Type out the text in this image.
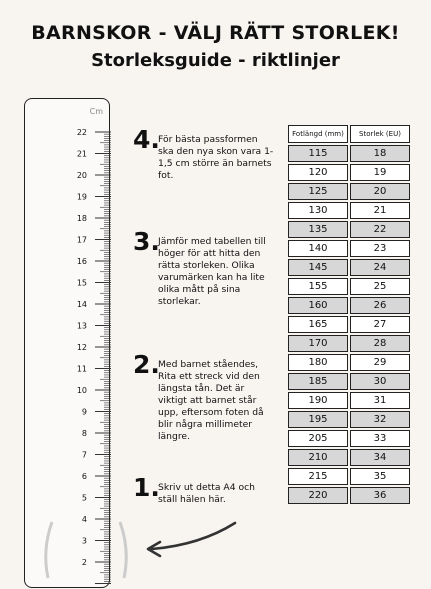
BARNSKOR - VÄLJ RÄTT STORLEK!
Storleksguide - riktlinjer
Cm
22
21
20
19
18
17
16
15
14
13
12
11
10
9
8
7
6
5
4
3
2
4.
För bästa passformen ska den nya skon vara 1-1,5 cm större än barnets fot.
3.
Jämför med tabellen till höger för att hitta den rätta storleken. Olika varumärken kan ha lite olika mått på sina storlekar.
2.
Med barnet ståendes, Rita ett streck vid den längsta tån. Det är viktigt att barnet står upp, eftersom foten då blir några millimeter längre.
1.
Skriv ut detta A4 och ställ hälen här.
Fotlängd (mm)	Storlek (EU)
115	18
120	19
125	20
130	21
135	22
140	23
145	24
155	25
160	26
165	27
170	28
180	29
185	30
190	31
195	32
205	33
210	34
215	35
220	36
